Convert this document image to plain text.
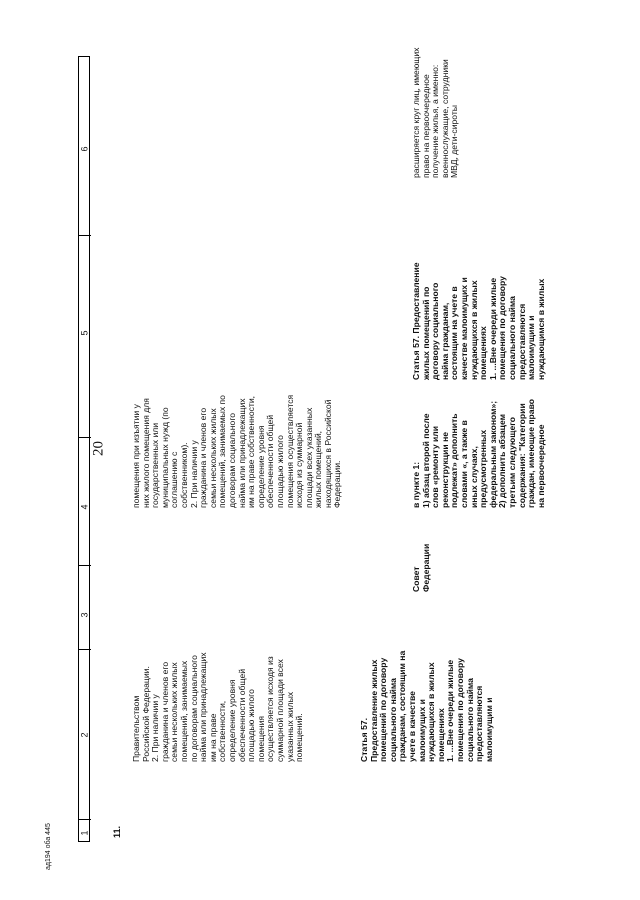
20
1
2
3
4
5
6
Правительством
Российской Федерации.
2. При наличии у
гражданина и членов его
семьи нескольких жилых
помещений, занимаемых
по договорам социального
найма или принадлежащих
им на праве
собственности,
определение уровня
обеспеченности общей
площадью жилого
помещения
осуществляется исходя из
суммарной площади всех
указанных жилых
помещений.
помещения при изъятии у
них жилого помещения для
государственных или
муниципальных нужд (по
соглашению с
собственником).
2. При наличии у
гражданина и членов его
семьи нескольких жилых
помещений, занимаемых по
договорам социального
найма или принадлежащих
им на праве собственности,
определение уровня
обеспеченности общей
площадью жилого
помещения осуществляется
исходя из суммарной
площади всех указанных
жилых помещений,
находящихся в Российской
Федерации.
11.
Статья 57.
Предоставление жилых
помещений по договору
социального найма
гражданам, состоящим на
учете в качестве
малоимущих и
нуждающихся в жилых
помещениях
1. ...Вне очереди жилые
помещения по договору
социального найма
предоставляются
малоимущим и
Совет
Федерации
в пункте 1:
1) абзац второй после
слов «ремонту или
реконструкции не
подлежат» дополнить
словами «, а также в
иных случаях,
предусмотренных
федеральным законом»;
2) дополнить абзацем
третьим следующего
содержания: "Категории
граждан, имеющие право
на первоочередное
Статья 57. Предоставление
жилых помещений по
договору социального
найма гражданам,
состоящим на учете в
качестве малоимущих и
нуждающихся в жилых
помещениях
1. ...Вне очереди жилые
помещения по договору
социального найма
предоставляются
малоимущим и
нуждающимся в жилых
расширяется круг лиц, имеющих
право на первоочередное
получение жилья, а именно:
военнослужащие, сотрудники
МВД, дети-сироты
ад194 оба 445
